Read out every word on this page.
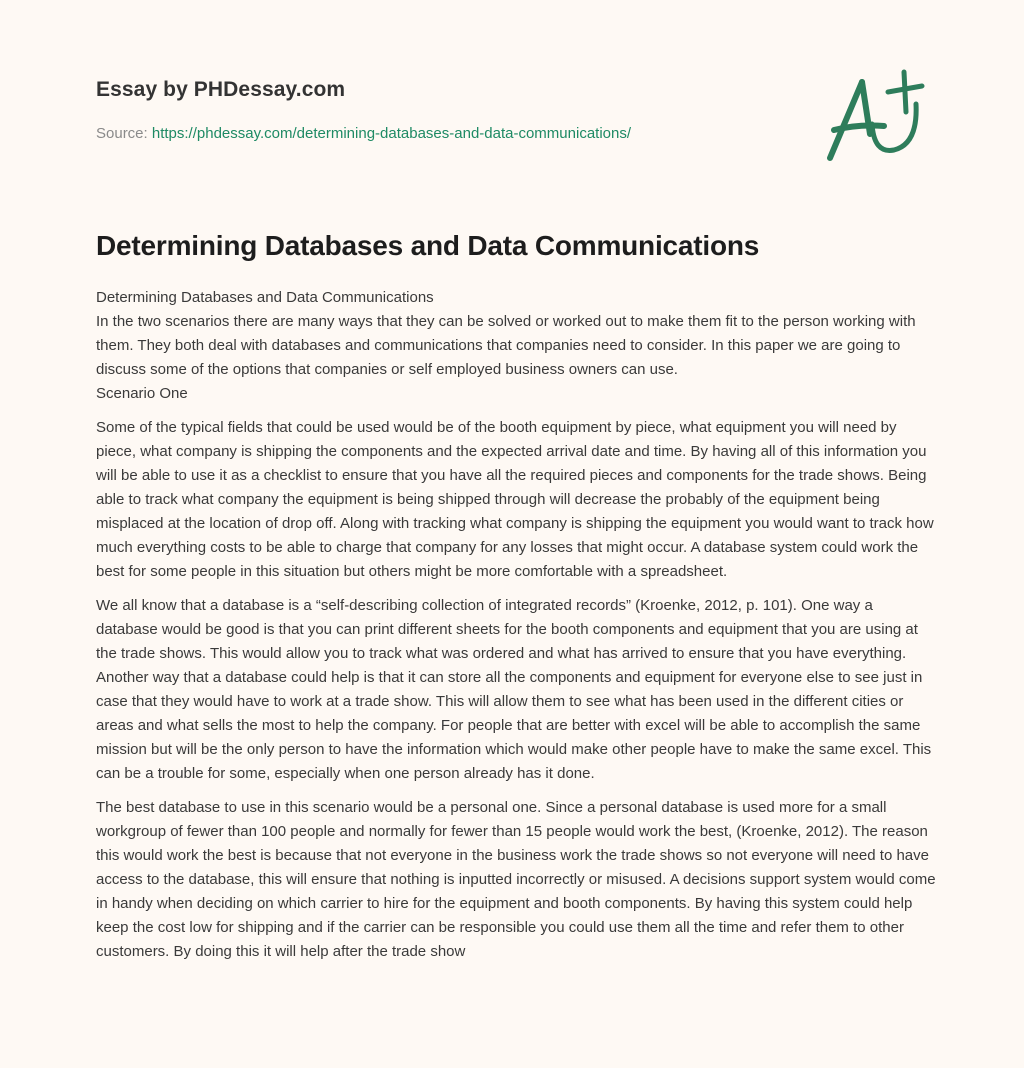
Essay by PHDessay.com
Source: https://phdessay.com/determining-databases-and-data-communications/
Determining Databases and Data Communications

Determining Databases and Data Communications
In the two scenarios there are many ways that they can be solved or worked out to make them fit to the person working with them. They both deal with databases and communications that companies need to consider. In this paper we are going to discuss some of the options that companies or self employed business owners can use.
Scenario One

Some of the typical fields that could be used would be of the booth equipment by piece, what equipment you will need by piece, what company is shipping the components and the expected arrival date and time. By having all of this information you will be able to use it as a checklist to ensure that you have all the required pieces and components for the trade shows. Being able to track what company the equipment is being shipped through will decrease the probably of the equipment being misplaced at the location of drop off. Along with tracking what company is shipping the equipment you would want to track how much everything costs to be able to charge that company for any losses that might occur. A database system could work the best for some people in this situation but others might be more comfortable with a spreadsheet.

We all know that a database is a “self-describing collection of integrated records” (Kroenke, 2012, p. 101). One way a database would be good is that you can print different sheets for the booth components and equipment that you are using at the trade shows. This would allow you to track what was ordered and what has arrived to ensure that you have everything. Another way that a database could help is that it can store all the components and equipment for everyone else to see just in case that they would have to work at a trade show. This will allow them to see what has been used in the different cities or areas and what sells the most to help the company. For people that are better with excel will be able to accomplish the same mission but will be the only person to have the information which would make other people have to make the same excel. This can be a trouble for some, especially when one person already has it done.

The best database to use in this scenario would be a personal one. Since a personal database is used more for a small workgroup of fewer than 100 people and normally for fewer than 15 people would work the best, (Kroenke, 2012). The reason this would work the best is because that not everyone in the business work the trade shows so not everyone will need to have access to the database, this will ensure that nothing is inputted incorrectly or misused. A decisions support system would come in handy when deciding on which carrier to hire for the equipment and booth components. By having this system could help keep the cost low for shipping and if the carrier can be responsible you could use them all the time and refer them to other customers. By doing this it will help after the trade show
